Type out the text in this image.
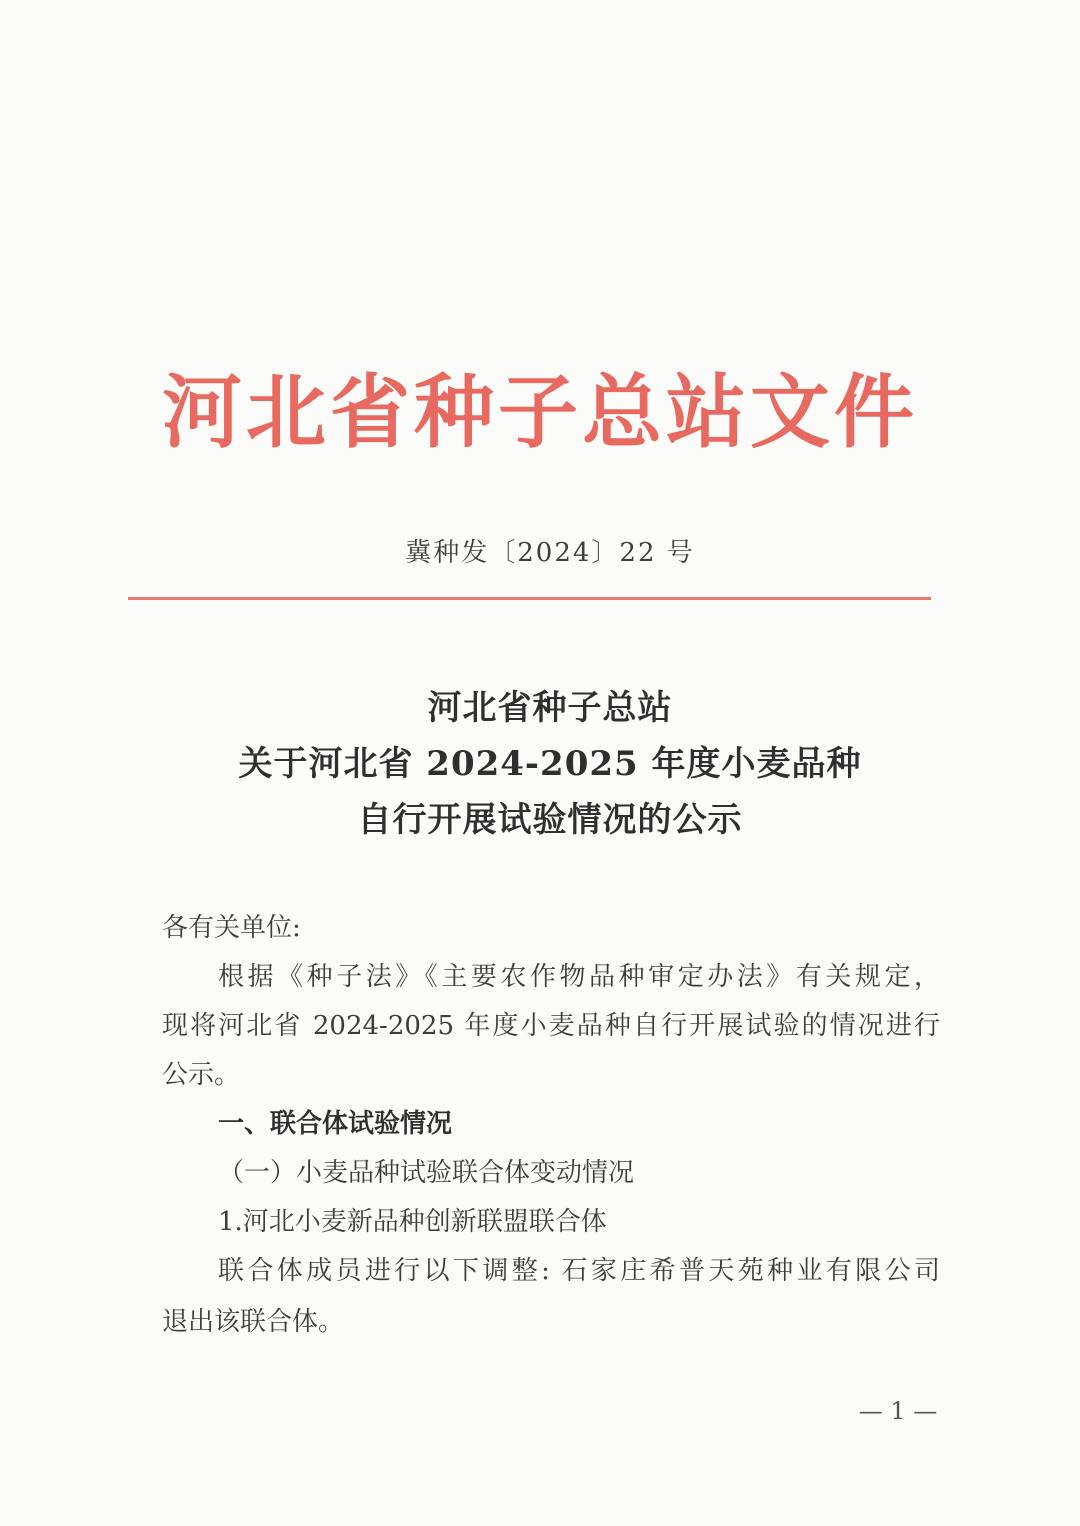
河北省种子总站文件
冀种发〔2024〕22 号
河北省种子总站
关于河北省 2024-2025 年度小麦品种
自行开展试验情况的公示
各有关单位:
根据《种子法》《主要农作物品种审定办法》有关规定，
现将河北省 2024-2025 年度小麦品种自行开展试验的情况进行
公示。
一、联合体试验情况
（一）小麦品种试验联合体变动情况
1.河北小麦新品种创新联盟联合体
联合体成员进行以下调整: 石家庄希普天苑种业有限公司
退出该联合体。
— 1 —
